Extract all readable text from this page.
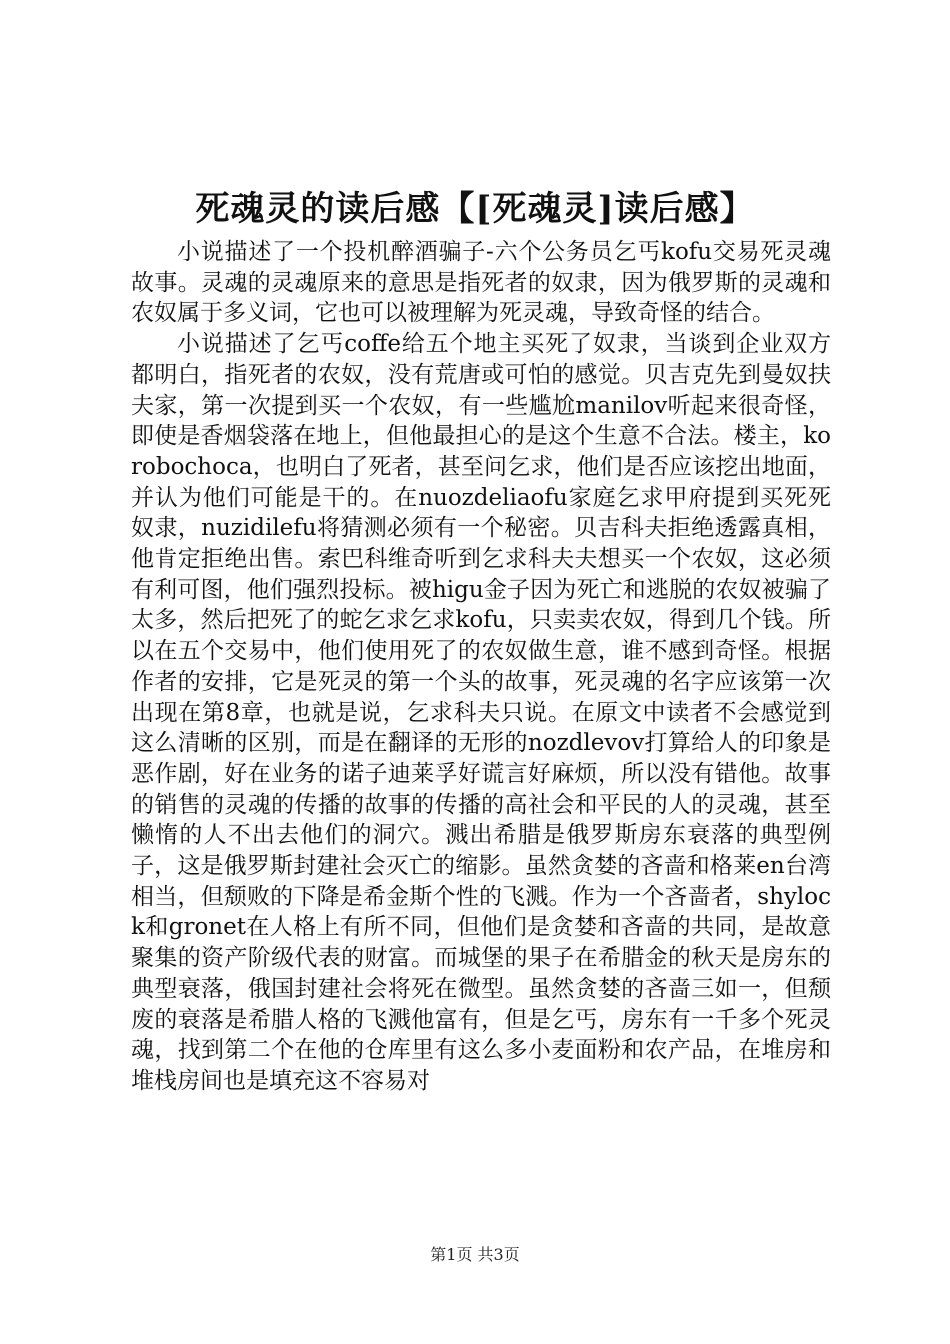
死魂灵的读后感【[死魂灵]读后感】

小说描述了一个投机醉酒骗子-六个公务员乞丐kofu交易死灵魂故事。灵魂的灵魂原来的意思是指死者的奴隶，因为俄罗斯的灵魂和农奴属于多义词，它也可以被理解为死灵魂，导致奇怪的结合。

小说描述了乞丐coffe给五个地主买死了奴隶，当谈到企业双方都明白，指死者的农奴，没有荒唐或可怕的感觉。贝吉克先到曼奴扶夫家，第一次提到买一个农奴，有一些尴尬manilov听起来很奇怪，即使是香烟袋落在地上，但他最担心的是这个生意不合法。楼主，korobochoca，也明白了死者，甚至问乞求，他们是否应该挖出地面，并认为他们可能是干的。在nuozdeliaofu家庭乞求甲府提到买死死奴隶，nuzidilefu将猜测必须有一个秘密。贝吉科夫拒绝透露真相，他肯定拒绝出售。索巴科维奇听到乞求科夫夫想买一个农奴，这必须有利可图，他们强烈投标。被higu金子因为死亡和逃脱的农奴被骗了太多，然后把死了的蛇乞求乞求kofu，只卖卖农奴，得到几个钱。所以在五个交易中，他们使用死了的农奴做生意，谁不感到奇怪。根据作者的安排，它是死灵的第一个头的故事，死灵魂的名字应该第一次出现在第8章，也就是说，乞求科夫只说。在原文中读者不会感觉到这么清晰的区别，而是在翻译的无形的nozdlevov打算给人的印象是恶作剧，好在业务的诺子迪莱孚好谎言好麻烦，所以没有错他。故事的销售的灵魂的传播的故事的传播的高社会和平民的人的灵魂，甚至懒惰的人不出去他们的洞穴。溅出希腊是俄罗斯房东衰落的典型例子，这是俄罗斯封建社会灭亡的缩影。虽然贪婪的吝啬和格莱en台湾相当，但颓败的下降是希金斯个性的飞溅。作为一个吝啬者，shylock和gronet在人格上有所不同，但他们是贪婪和吝啬的共同，是故意聚集的资产阶级代表的财富。而城堡的果子在希腊金的秋天是房东的典型衰落，俄国封建社会将死在微型。虽然贪婪的吝啬三如一，但颓废的衰落是希腊人格的飞溅他富有，但是乞丐，房东有一千多个死灵魂，找到第二个在他的仓库里有这么多小麦面粉和农产品，在堆房和堆栈房间也是填充这不容易对

第1页 共3页
